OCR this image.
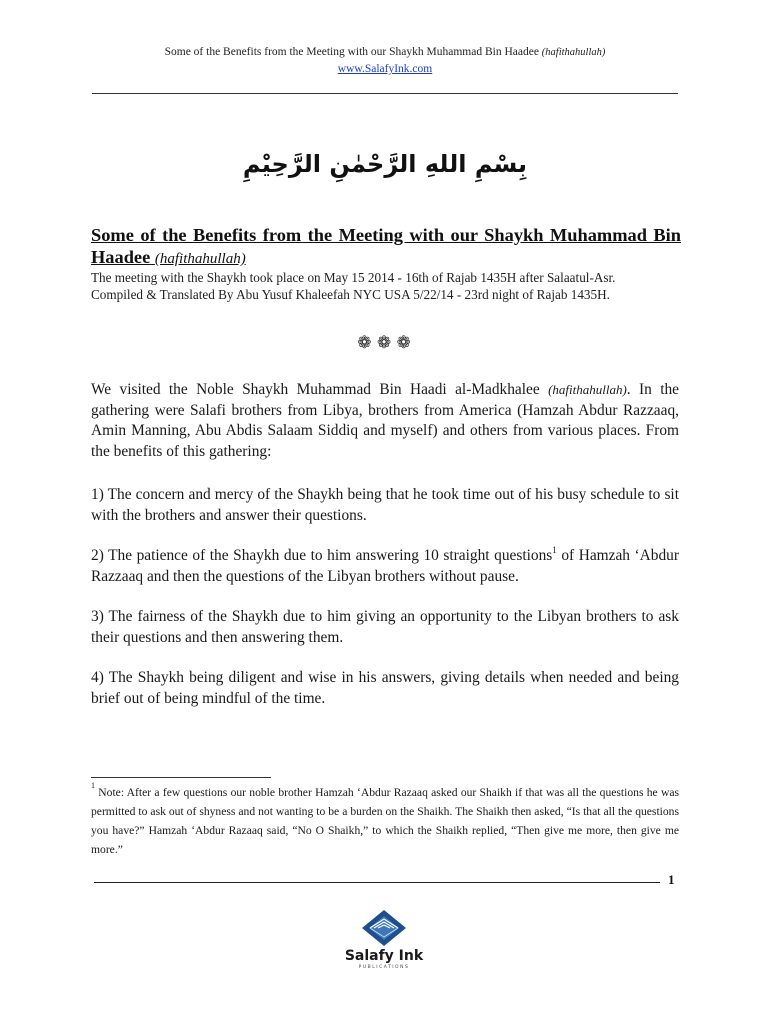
Some of the Benefits from the Meeting with our Shaykh Muhammad Bin Haadee (hafithahullah)
www.SalafyInk.com
بِسْمِ اللهِ الرَّحْمٰنِ الرَّحِيْمِ
Some of the Benefits from the Meeting with our Shaykh Muhammad Bin Haadee (hafithahullah)
The meeting with the Shaykh took place on May 15 2014 - 16th of Rajab 1435H after Salaatul-Asr.
Compiled & Translated By Abu Yusuf Khaleefah NYC USA 5/22/14 - 23rd night of Rajab 1435H.
❁ ❁ ❁
We visited the Noble Shaykh Muhammad Bin Haadi al-Madkhalee (hafithahullah). In the gathering were Salafi brothers from Libya, brothers from America (Hamzah Abdur Razzaaq, Amin Manning, Abu Abdis Salaam Siddiq and myself) and others from various places. From the benefits of this gathering:
1) The concern and mercy of the Shaykh being that he took time out of his busy schedule to sit with the brothers and answer their questions.
2) The patience of the Shaykh due to him answering 10 straight questions$^1$ of Hamzah ‘Abdur Razzaaq and then the questions of the Libyan brothers without pause.
3) The fairness of the Shaykh due to him giving an opportunity to the Libyan brothers to ask their questions and then answering them.
4) The Shaykh being diligent and wise in his answers, giving details when needed and being brief out of being mindful of the time.
$^1$ Note: After a few questions our noble brother Hamzah ‘Abdur Razaaq asked our Shaikh if that was all the questions he was permitted to ask out of shyness and not wanting to be a burden on the Shaikh. The Shaikh then asked, “Is that all the questions you have?” Hamzah ‘Abdur Razaaq said, “No O Shaikh,” to which the Shaikh replied, “Then give me more, then give me more.”
1
Salafy Ink
PUBLICATIONS
